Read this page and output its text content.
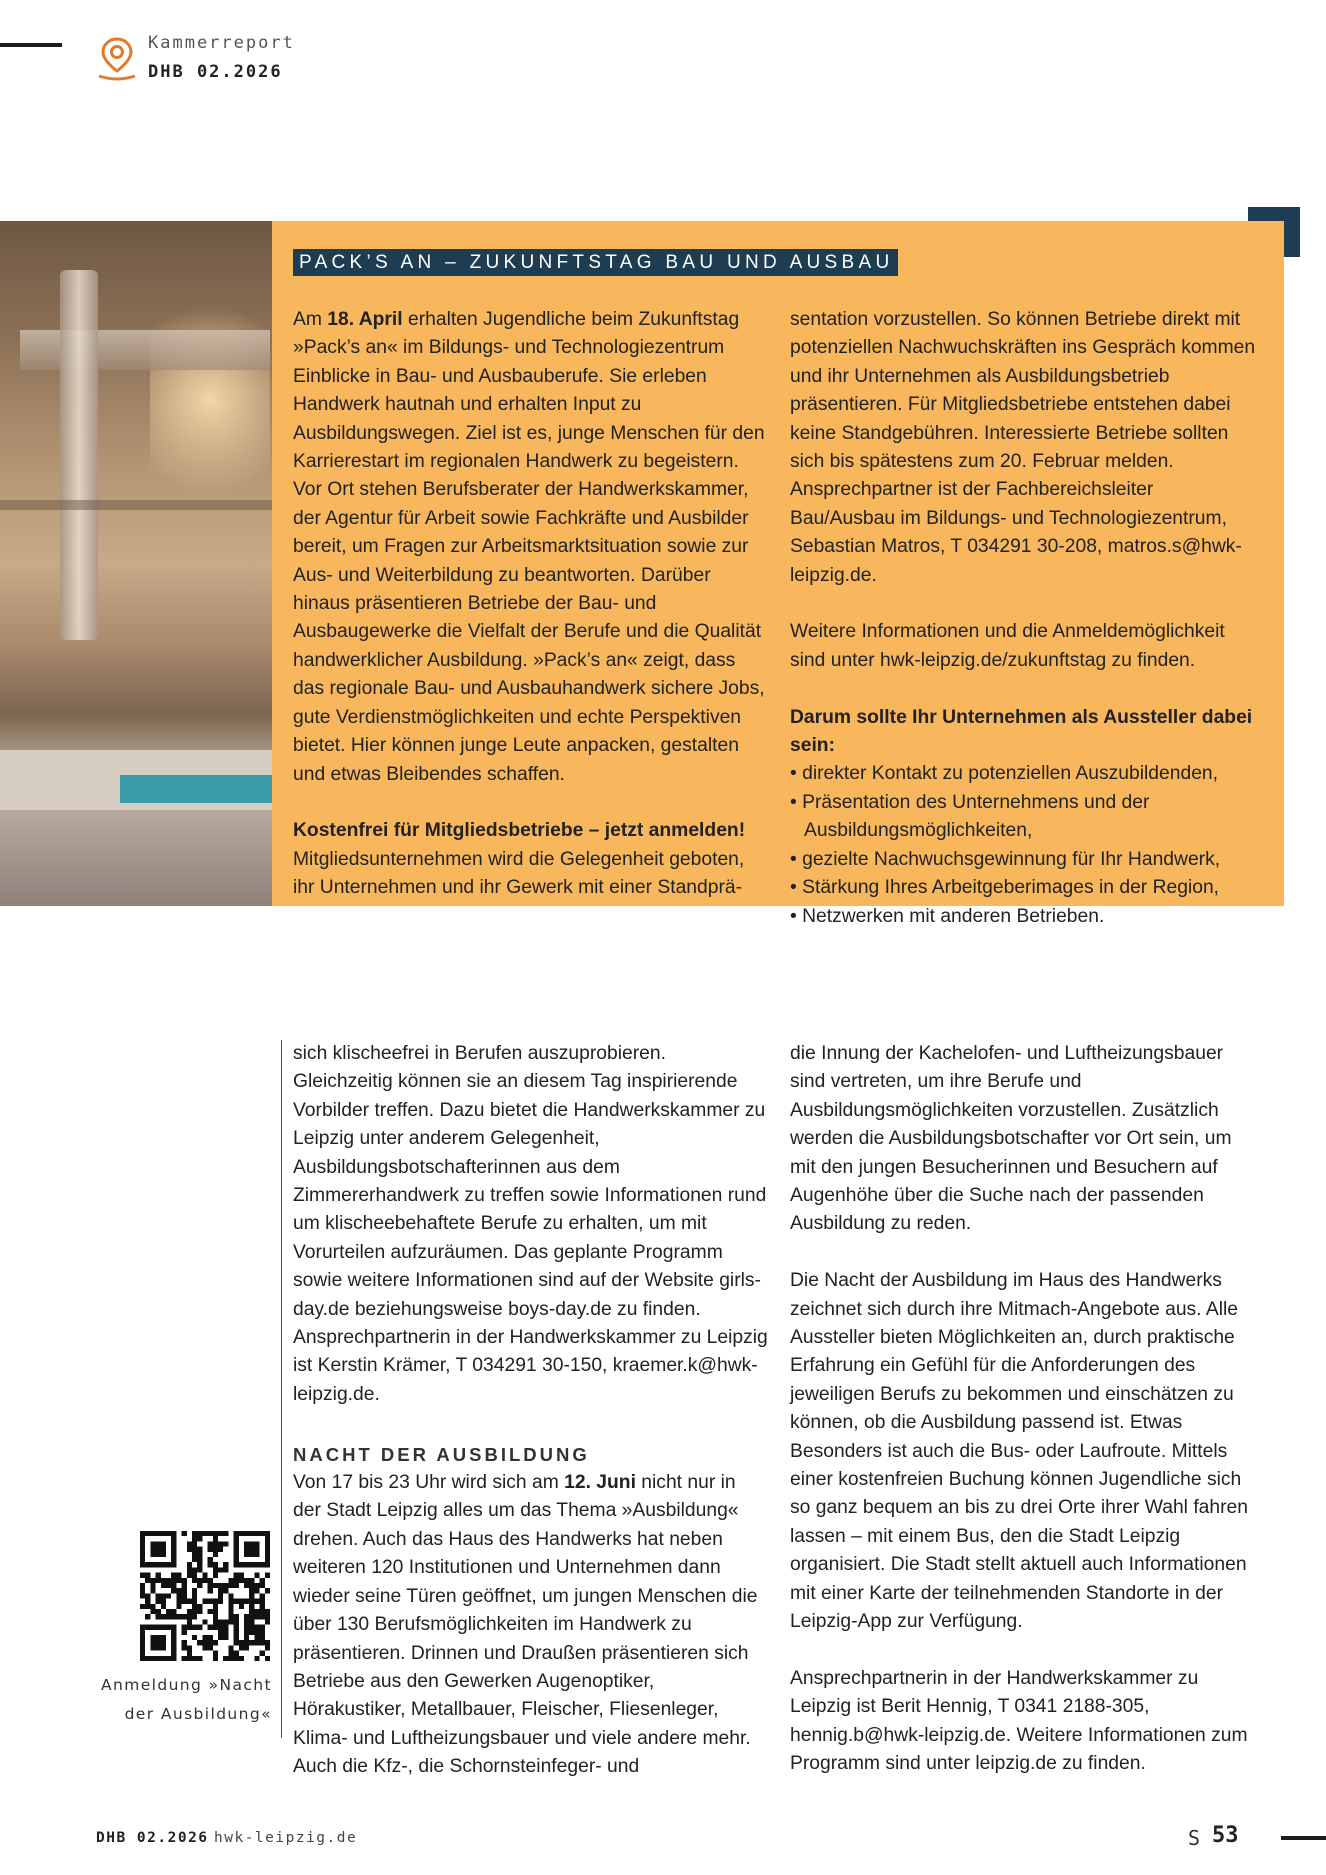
Kammerreport
DHB 02.2026
PACK’S AN – ZUKUNFTSTAG BAU UND AUSBAU

Am 18. April erhalten Jugendliche beim Zukunftstag »Pack’s an« im Bildungs- und Technologiezentrum Einblicke in Bau- und Ausbauberufe. Sie erleben Handwerk hautnah und erhalten Input zu Ausbildungswegen. Ziel ist es, junge Menschen für den Karrierestart im regionalen Handwerk zu begeistern. Vor Ort stehen Berufsberater der Handwerkskammer, der Agentur für Arbeit sowie Fachkräfte und Ausbilder bereit, um Fragen zur Arbeitsmarktsituation sowie zur Aus- und Weiterbildung zu beantworten. Darüber hinaus präsentieren Betriebe der Bau- und Ausbaugewerke die Vielfalt der Berufe und die Qualität handwerklicher Ausbildung. »Pack’s an« zeigt, dass das regionale Bau- und Ausbauhandwerk sichere Jobs, gute Verdienstmöglichkeiten und echte Perspektiven bietet. Hier können junge Leute anpacken, gestalten und etwas Bleibendes schaffen.

Kostenfrei für Mitgliedsbetriebe – jetzt anmelden!

Mitgliedsunternehmen wird die Gelegenheit geboten, ihr Unternehmen und ihr Gewerk mit einer Standprä-

sentation vorzustellen. So können Betriebe direkt mit potenziellen Nachwuchskräften ins Gespräch kommen und ihr Unternehmen als Ausbildungsbetrieb präsentieren. Für Mitgliedsbetriebe entstehen dabei keine Standgebühren. Interessierte Betriebe sollten sich bis spätestens zum 20. Februar melden. Ansprechpartner ist der Fachbereichsleiter Bau/Ausbau im Bildungs- und Technologiezentrum, Sebastian Matros, T 034291 30-208, matros.s@hwk-leipzig.de.

Weitere Informationen und die Anmeldemöglichkeit sind unter hwk-leipzig.de/zukunftstag zu finden.

Darum sollte Ihr Unternehmen als Aussteller dabei sein:

• direkter Kontakt zu potenziellen Auszubildenden,
• Präsentation des Unternehmens und der Ausbildungsmöglichkeiten,
• gezielte Nachwuchsgewinnung für Ihr Handwerk,
• Stärkung Ihres Arbeitgeberimages in der Region,
• Netzwerken mit anderen Betrieben.

sich klischeefrei in Berufen auszuprobieren. Gleichzeitig können sie an diesem Tag inspirierende Vorbilder treffen. Dazu bietet die Handwerkskammer zu Leipzig unter anderem Gelegenheit, Ausbildungsbotschafterinnen aus dem Zimmererhandwerk zu treffen sowie Informationen rund um klischeebehaftete Berufe zu erhalten, um mit Vorurteilen aufzuräumen. Das geplante Programm sowie weitere Informationen sind auf der Website girls-day.de beziehungsweise boys-day.de zu finden. Ansprechpartnerin in der Handwerkskammer zu Leipzig ist Kerstin Krämer, T 034291 30-150, kraemer.k@hwk-leipzig.de.

NACHT DER AUSBILDUNG

Von 17 bis 23 Uhr wird sich am 12. Juni nicht nur in der Stadt Leipzig alles um das Thema »Ausbildung« drehen. Auch das Haus des Handwerks hat neben weiteren 120 Institutionen und Unternehmen dann wieder seine Türen geöffnet, um jungen Menschen die über 130 Berufsmöglichkeiten im Handwerk zu präsentieren. Drinnen und Draußen präsentieren sich Betriebe aus den Gewerken Augenoptiker, Hörakustiker, Metallbauer, Fleischer, Fliesenleger, Klima- und Luftheizungsbauer und viele andere mehr. Auch die Kfz-, die Schornsteinfeger- und

die Innung der Kachelofen- und Luftheizungsbauer sind vertreten, um ihre Berufe und Ausbildungsmöglichkeiten vorzustellen. Zusätzlich werden die Ausbildungsbotschafter vor Ort sein, um mit den jungen Besucherinnen und Besuchern auf Augenhöhe über die Suche nach der passenden Ausbildung zu reden.

Die Nacht der Ausbildung im Haus des Handwerks zeichnet sich durch ihre Mitmach-Angebote aus. Alle Aussteller bieten Möglichkeiten an, durch praktische Erfahrung ein Gefühl für die Anforderungen des jeweiligen Berufs zu bekommen und einschätzen zu können, ob die Ausbildung passend ist. Etwas Besonders ist auch die Bus- oder Laufroute. Mittels einer kostenfreien Buchung können Jugendliche sich so ganz bequem an bis zu drei Orte ihrer Wahl fahren lassen – mit einem Bus, den die Stadt Leipzig organisiert. Die Stadt stellt aktuell auch Informationen mit einer Karte der teilnehmenden Standorte in der Leipzig-App zur Verfügung.

Ansprechpartnerin in der Handwerkskammer zu Leipzig ist Berit Hennig, T 0341 2188-305, hennig.b@hwk-leipzig.de. Weitere Informationen zum Programm sind unter leipzig.de zu finden.

Anmeldung »Nacht
der Ausbildung«
DHB 02.2026 hwk-leipzig.de	S 53
